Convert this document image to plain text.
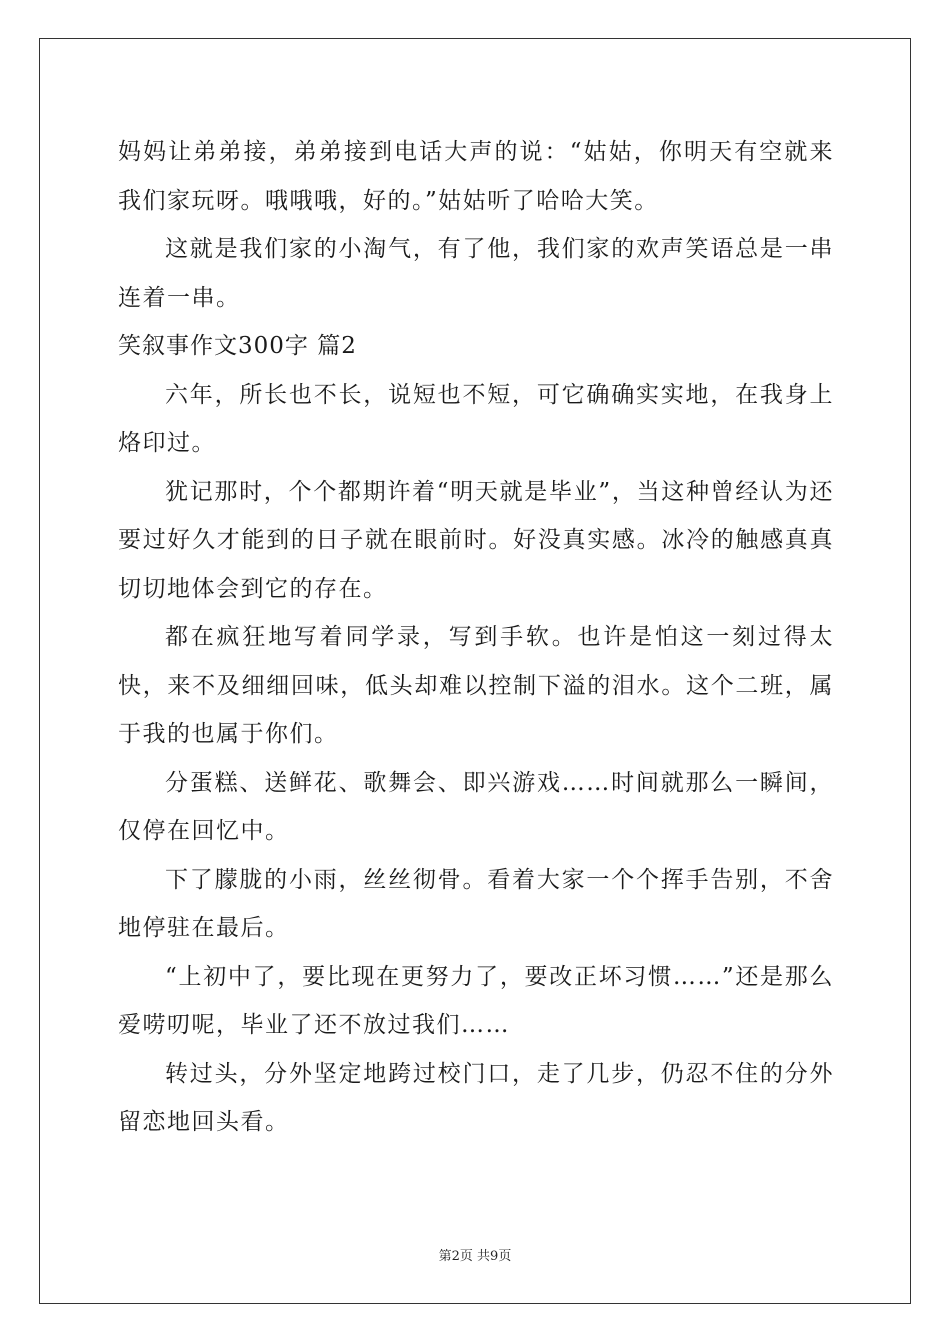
妈妈让弟弟接，弟弟接到电话大声的说：“姑姑，你明天有空就来我们家玩呀。哦哦哦，好的。”姑姑听了哈哈大笑。

这就是我们家的小淘气，有了他，我们家的欢声笑语总是一串连着一串。

笑叙事作文300字 篇2

六年，所长也不长，说短也不短，可它确确实实地，在我身上烙印过。

犹记那时，个个都期许着“明天就是毕业”，当这种曾经认为还要过好久才能到的日子就在眼前时。好没真实感。冰冷的触感真真切切地体会到它的存在。

都在疯狂地写着同学录，写到手软。也许是怕这一刻过得太快，来不及细细回味，低头却难以控制下溢的泪水。这个二班，属于我的也属于你们。

分蛋糕、送鲜花、歌舞会、即兴游戏……时间就那么一瞬间，仅停在回忆中。

下了朦胧的小雨，丝丝彻骨。看着大家一个个挥手告别，不舍地停驻在最后。

“上初中了，要比现在更努力了，要改正坏习惯……”还是那么爱唠叨呢，毕业了还不放过我们……

转过头，分外坚定地跨过校门口，走了几步，仍忍不住的分外留恋地回头看。

第2页 共9页
